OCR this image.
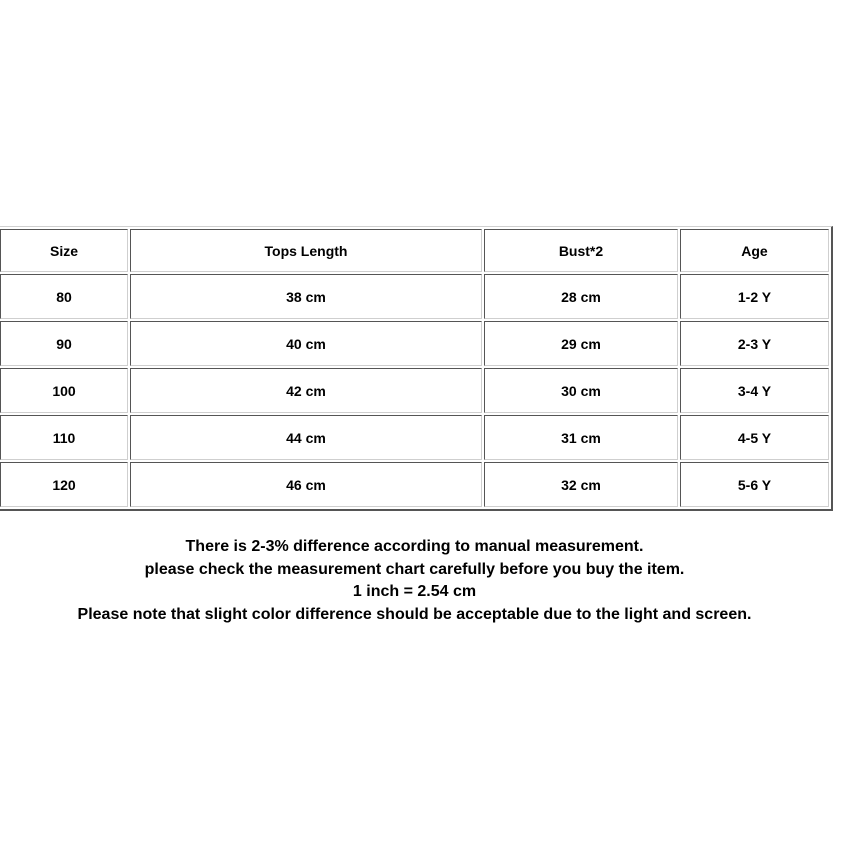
Size	Tops Length	Bust*2	Age
80	38 cm	28 cm	1-2 Y
90	40 cm	29 cm	2-3 Y
100	42 cm	30 cm	3-4 Y
110	44 cm	31 cm	4-5 Y
120	46 cm	32 cm	5-6 Y
There is 2-3% difference according to manual measurement.
please check the measurement chart carefully before you buy the item.
1 inch = 2.54 cm
Please note that slight color difference should be acceptable due to the light and screen.
